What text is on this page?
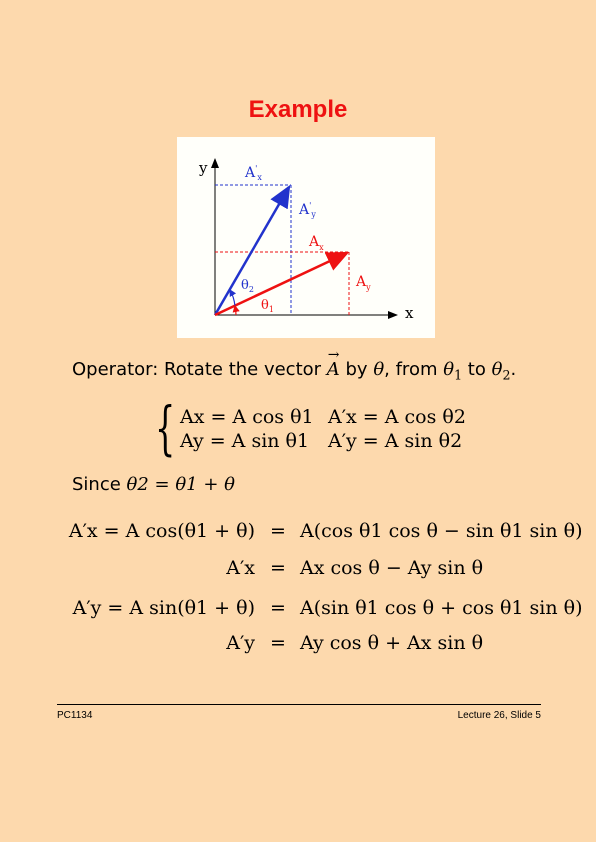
Example
y
x
$A'_x$
$A'_y$
$A_x$
$A_y$
$\theta_2$
$\theta_1$
Operator: Rotate the vector
→
A by θ, from $\theta_1$ to $\theta_2$.
{ Ax = A cos θ1 A′x = A cos θ2
Ay = A sin θ1 A′y = A sin θ2
Since θ2 = θ1 + θ
A′x = A cos(θ1 + θ) = A(cos θ1 cos θ − sin θ1 sin θ)
A′x = Ax cos θ − Ay sin θ
A′y = A sin(θ1 + θ) = A(sin θ1 cos θ + cos θ1 sin θ)
A′y = Ay cos θ + Ax sin θ
PC1134	Lecture 26, Slide 5
